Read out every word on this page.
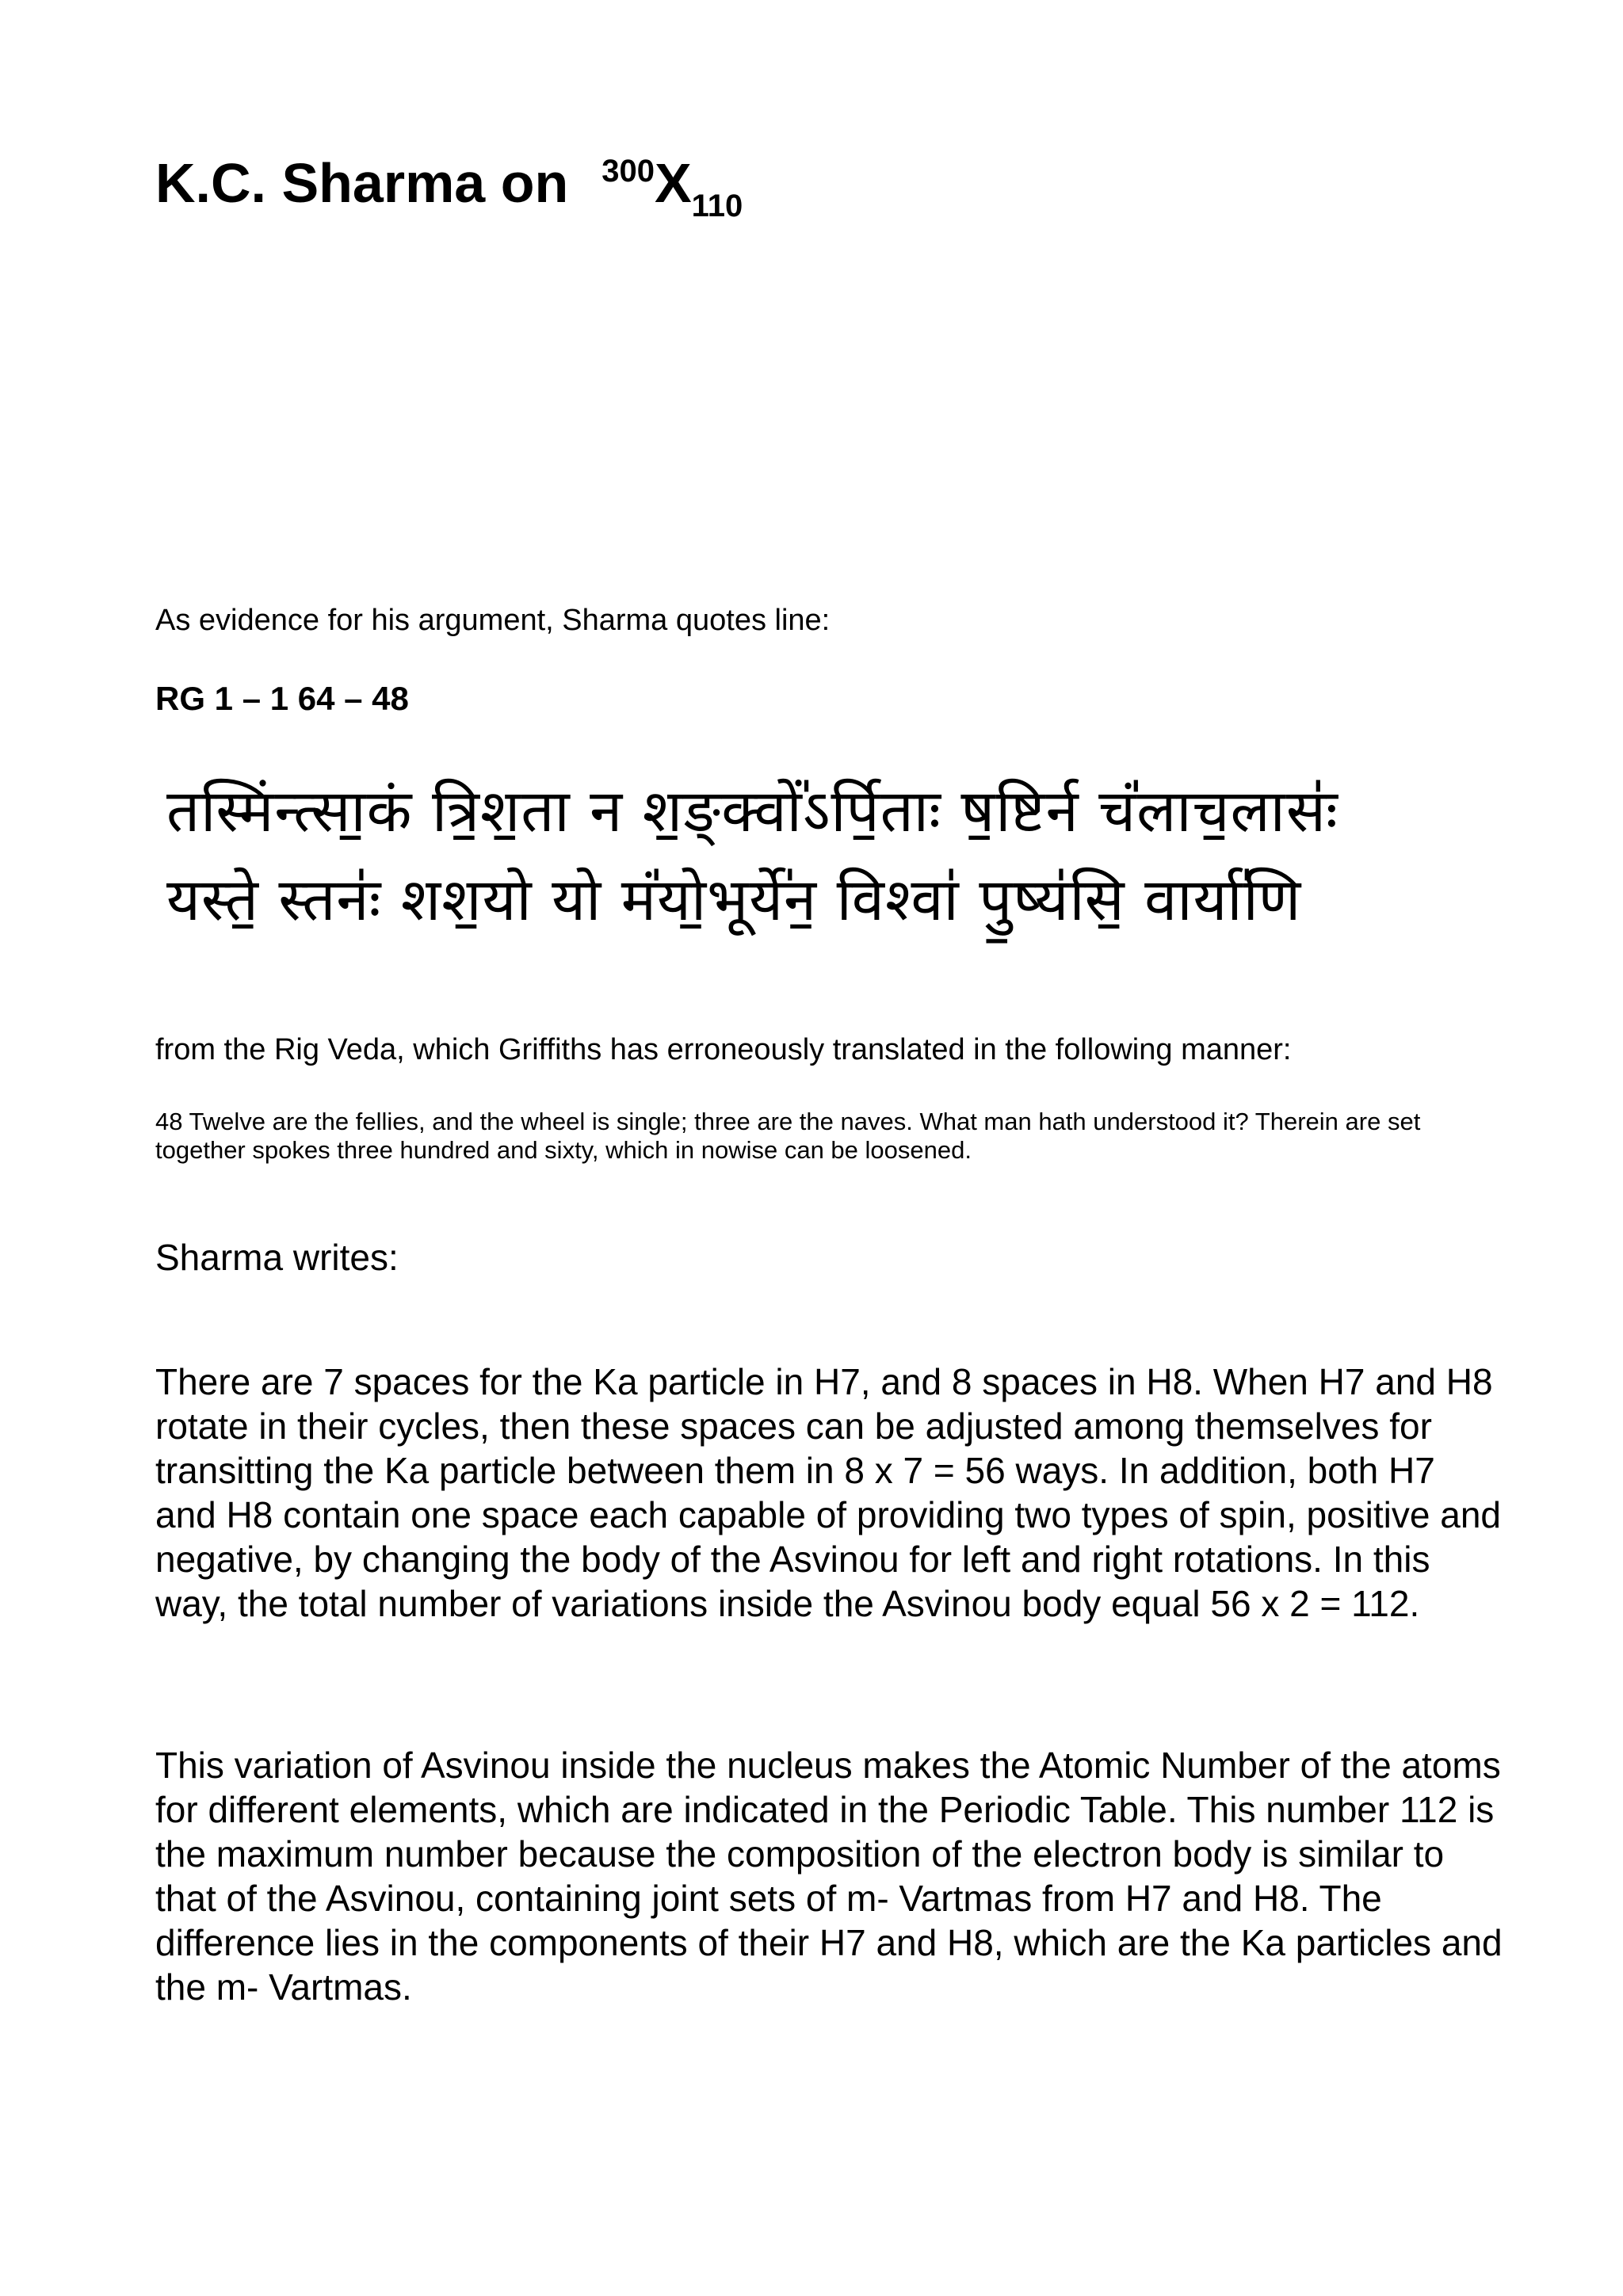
K.C. Sharma on $^{300}X_{110}$
As evidence for his argument, Sharma quotes line:
RG 1 – 1 64 – 48
तस्मिंन्त्सा॒कं त्रि॒श॒ता न श॒ङ्क्वों॑ऽर्पि॒ताः ष॒ष्टिर्न चं॑लाच॒लासः॑
यस्ते॒ स्तनः॑ शश॒यो यो मं॑यो॒भूर्ये॑न॒ विश्वा॑ पु॒ष्य॑सि॒ वार्या॑णि
from the Rig Veda, which Griffiths has erroneously translated in the following manner:
48 Twelve are the fellies, and the wheel is single; three are the naves. What man hath understood it? Therein are set together spokes three hundred and sixty, which in nowise can be loosened.
Sharma writes:
There are 7 spaces for the Ka particle in H7, and 8 spaces in H8. When H7 and H8 rotate in their cycles, then these spaces can be adjusted among themselves for transitting the Ka particle between them in 8 x 7 = 56 ways. In addition, both H7 and H8 contain one space each capable of providing two types of spin, positive and negative, by changing the body of the Asvinou for left and right rotations. In this way, the total number of variations inside the Asvinou body equal 56 x 2 = 112.
This variation of Asvinou inside the nucleus makes the Atomic Number of the atoms for different elements, which are indicated in the Periodic Table. This number 112 is the maximum number because the composition of the electron body is similar to that of the Asvinou, containing joint sets of m- Vartmas from H7 and H8. The difference lies in the components of their H7 and H8, which are the Ka particles and the m- Vartmas.
